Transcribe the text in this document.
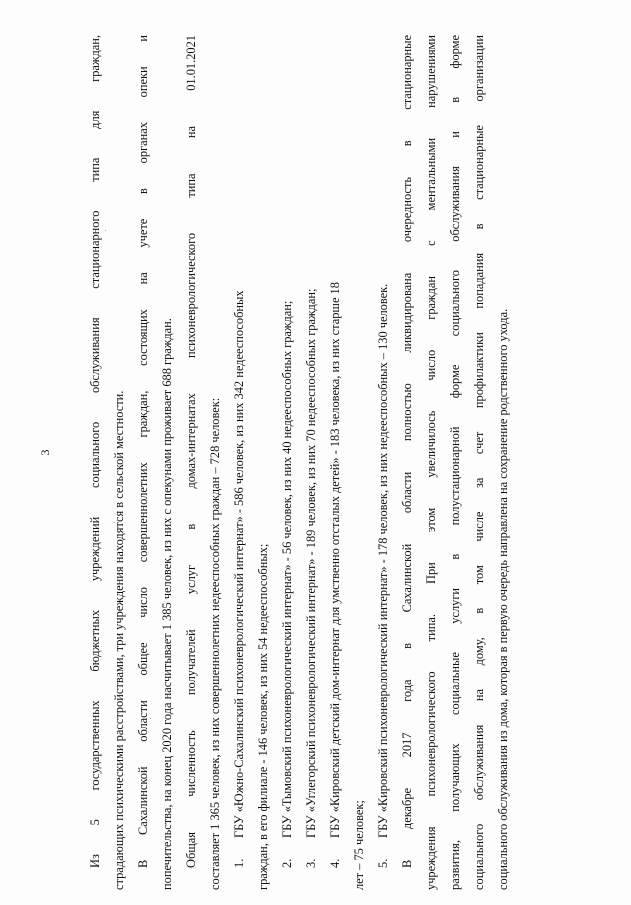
3	Из 5 государственных бюджетных учреждений социального обслуживания стационарного типа для граждан, страдающих психическими расстройствами, три учреждения находятся в сельской местности. В Сахалинской области общее число совершеннолетних граждан, состоящих на учете в органах опеки и попечительства, на конец 2020 года насчитывает 1 385 человек, из них с опекунами проживает 688 граждан. Общая численность получателей услуг в домах-интернатах психоневрологического типа на 01.01.2021 составляет 1 365 человек, из них совершеннолетних недееспособных граждан – 728 человек: 1.ГБУ «Южно-Сахалинский психоневрологический интернат» - 586 человек, из них 342 недееспособных граждан, в его филиале - 146 человек, из них 54 недееспособных; 2.ГБУ «Тымовский психоневрологический интернат» - 56 человек, из них 40 недееспособных граждан;
3.ГБУ «Углегорский психоневрологический интернат» - 189 человек, из них 70 недееспособных граждан;
4.ГБУ «Кировский детский дом-интернат для умственно отсталых детей» - 183 человека, из них старше 18
лет – 75 человек; 5.ГБУ «Кировский психоневрологический интернат» - 178 человек, из них недееспособных – 130 человек. В декабре 2017 года в Сахалинской области полностью ликвидирована очередность в стационарные учреждения психоневрологического типа. При этом увеличилось число граждан с ментальными нарушениями развития, получающих социальные услуги в полустационарной форме социального обслуживания и в форме социального обслуживания на дому, в том числе за счет профилактики попадания в стационарные организации социального обслуживания из дома, которая в первую очередь направлена на сохранение родственного ухода.
